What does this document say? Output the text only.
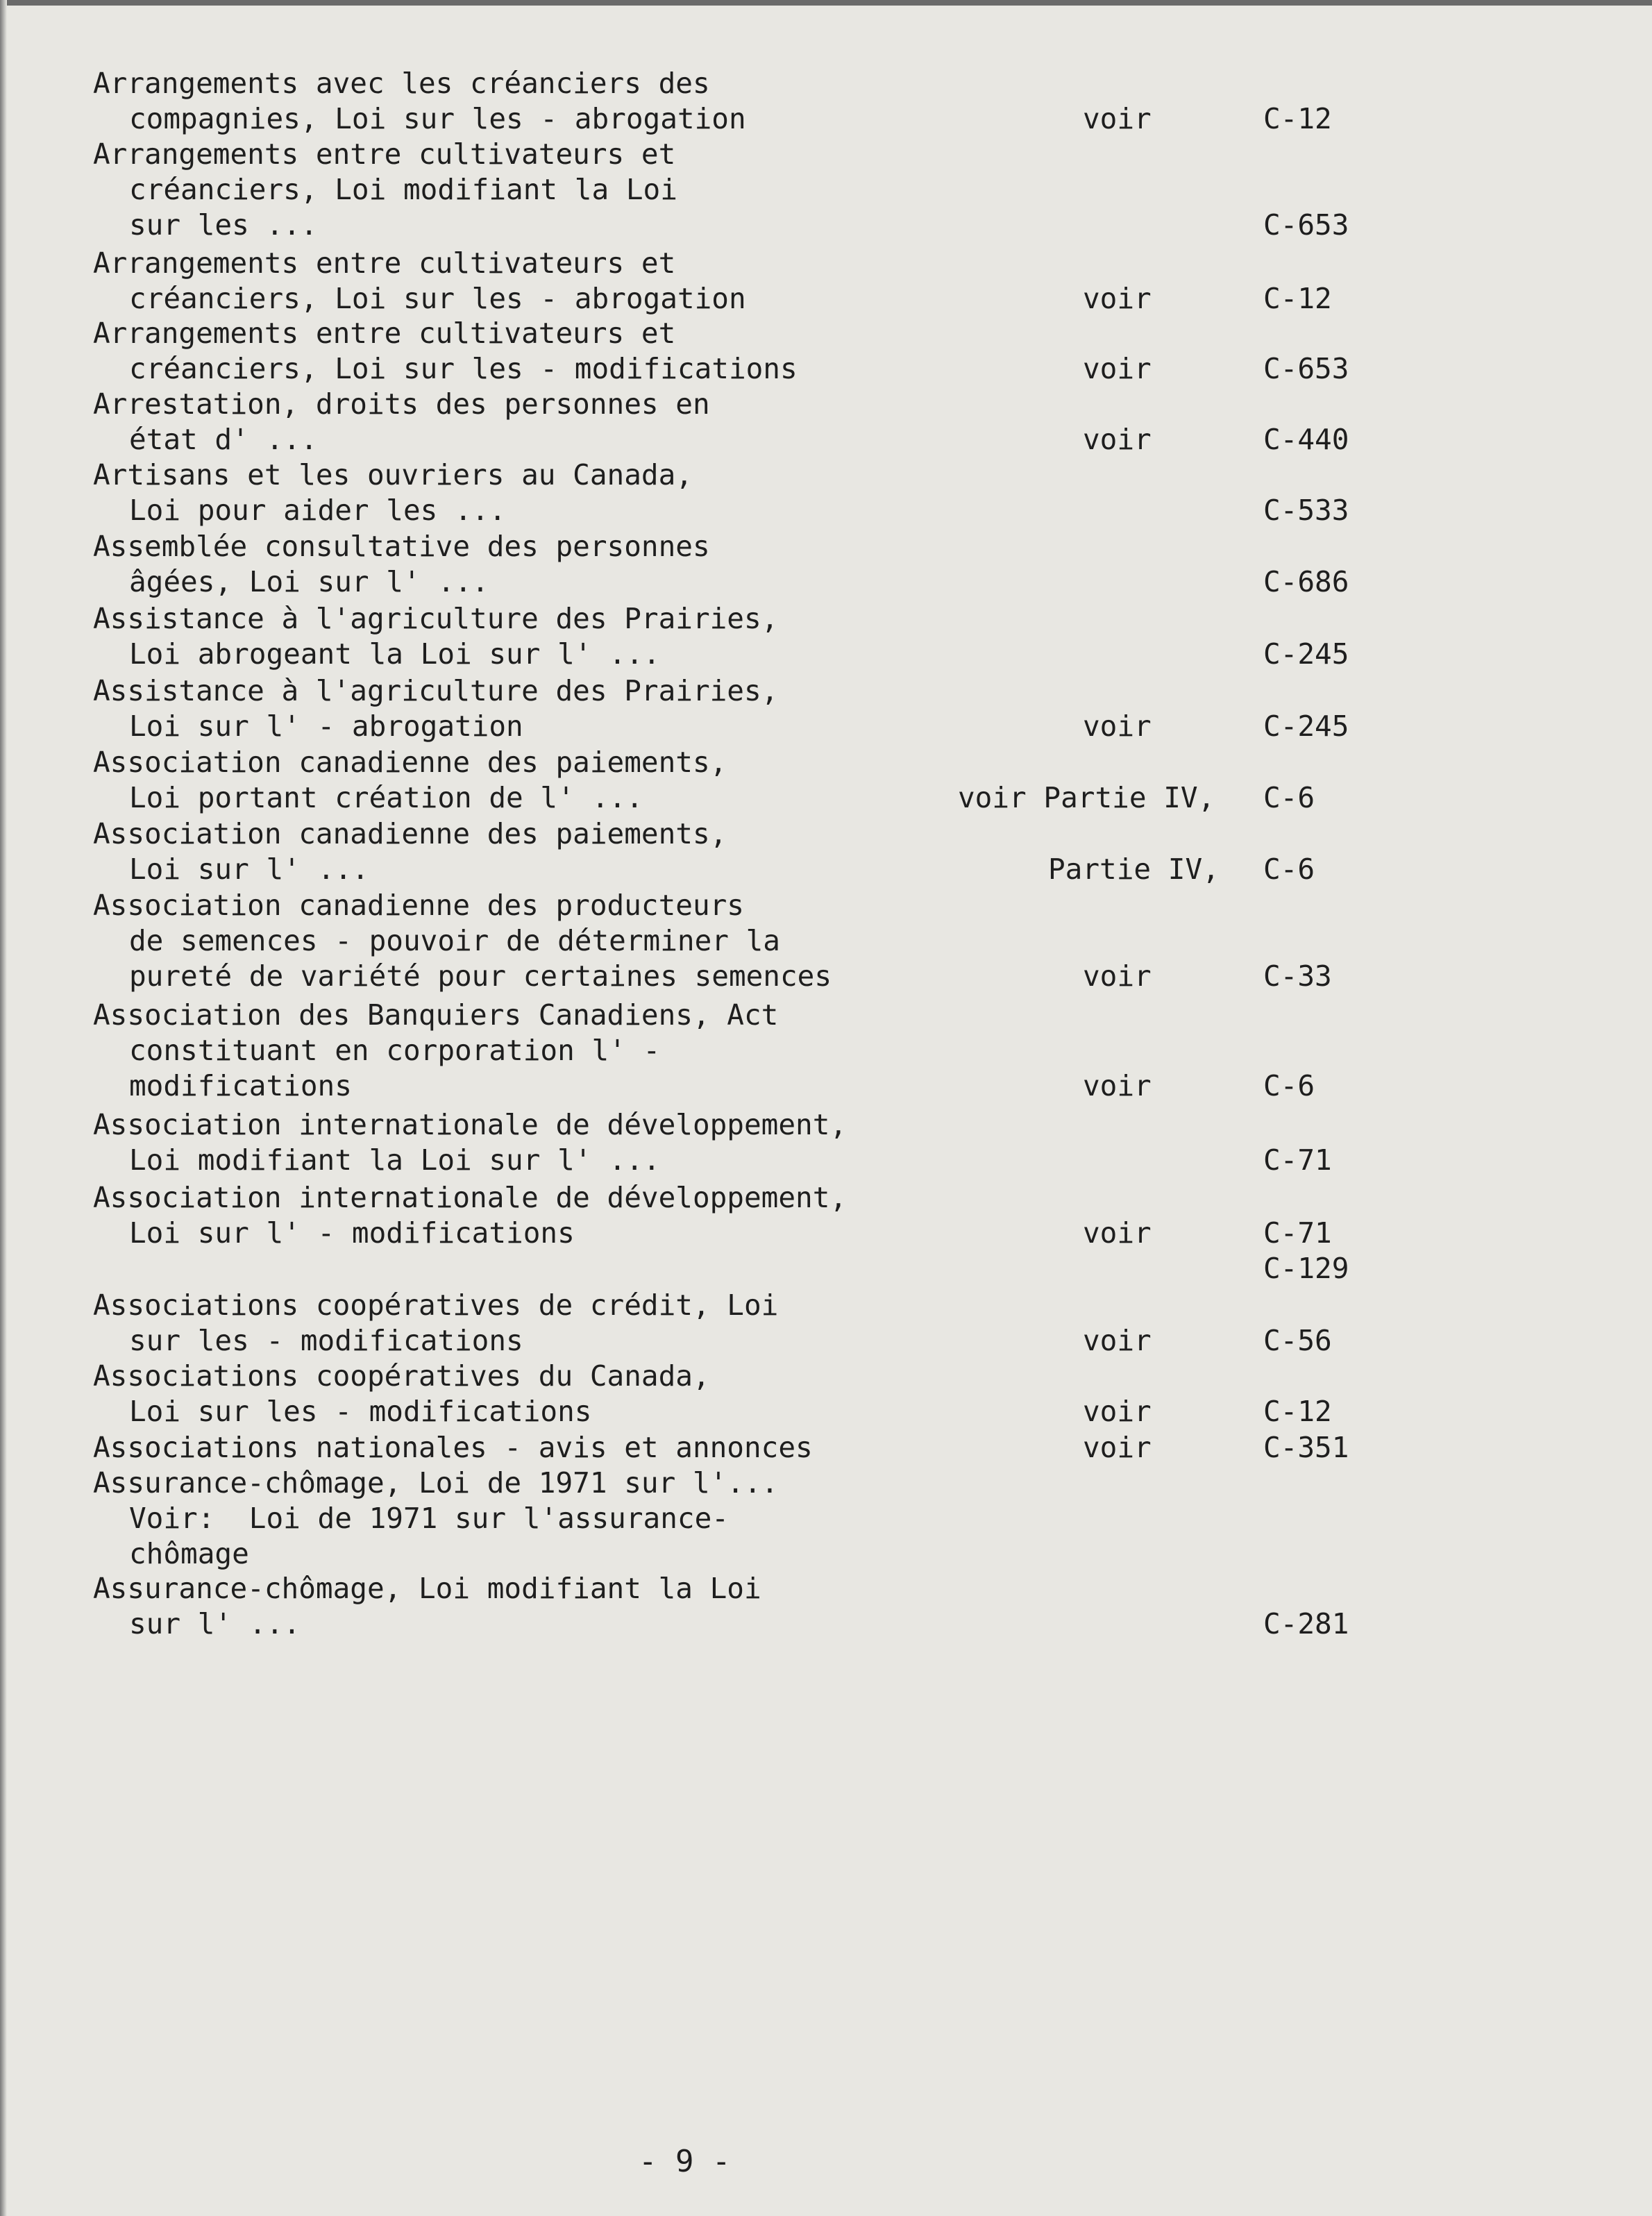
Arrangements avec les créanciers des
compagnies, Loi sur les - abrogation	voir	C-12
Arrangements entre cultivateurs et
créanciers, Loi modifiant la Loi
sur les ...	C-653
Arrangements entre cultivateurs et
créanciers, Loi sur les - abrogation	voir	C-12
Arrangements entre cultivateurs et
créanciers, Loi sur les - modifications	voir	C-653
Arrestation, droits des personnes en
état d' ...	voir	C-440
Artisans et les ouvriers au Canada,
Loi pour aider les ...	C-533
Assemblée consultative des personnes
âgées, Loi sur l' ...	C-686
Assistance à l'agriculture des Prairies,
Loi abrogeant la Loi sur l' ...	C-245
Assistance à l'agriculture des Prairies,
Loi sur l' - abrogation	voir	C-245
Association canadienne des paiements,
Loi portant création de l' ...	voir Partie IV, C-6
Association canadienne des paiements,
Loi sur l' ...	Partie IV, C-6
Association canadienne des producteurs
de semences - pouvoir de déterminer la
pureté de variété pour certaines semences	voir	C-33
Association des Banquiers Canadiens, Act
constituant en corporation l' -
modifications	voir	C-6
Association internationale de développement,
Loi modifiant la Loi sur l' ...	C-71
Association internationale de développement,
Loi sur l' - modifications	voir	C-71
C-129
Associations coopératives de crédit, Loi
sur les - modifications	voir	C-56
Associations coopératives du Canada,
Loi sur les - modifications	voir	C-12
Associations nationales - avis et annonces	voir	C-351
Assurance-chômage, Loi de 1971 sur l'...
Voir:  Loi de 1971 sur l'assurance-
chômage
Assurance-chômage, Loi modifiant la Loi
sur l' ...	C-281
- 9 -
